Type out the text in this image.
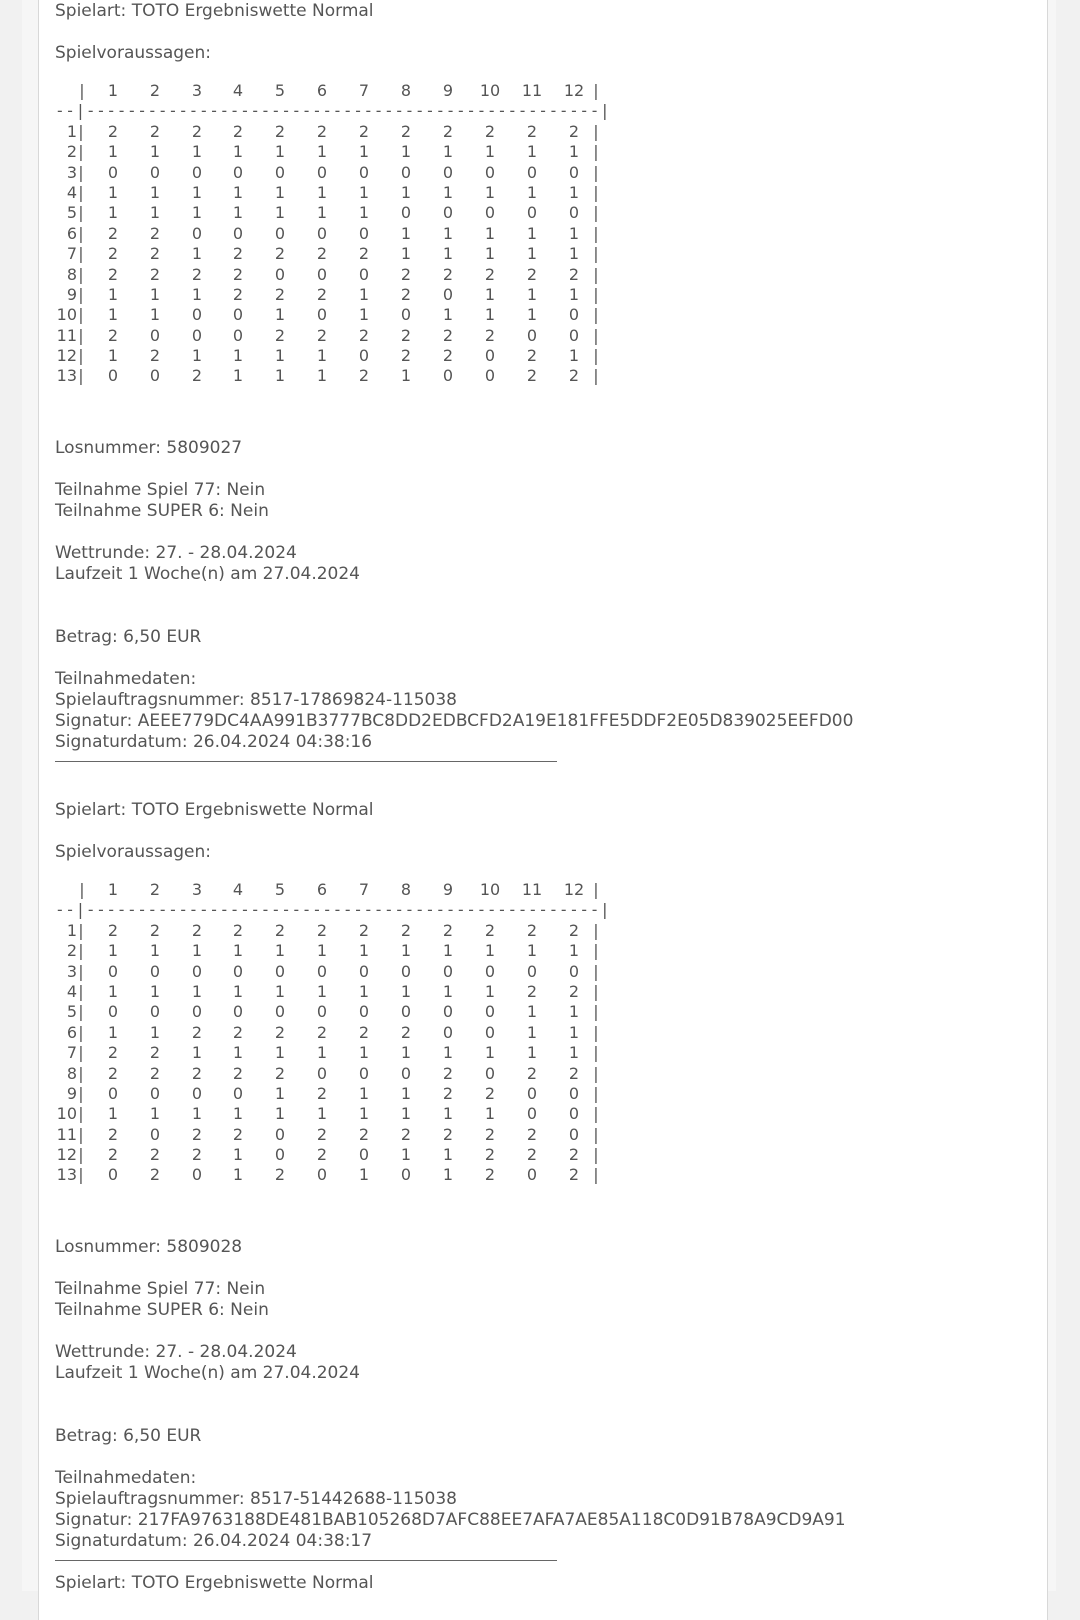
Spielart: TOTO Ergebniswette Normal
Spielvoraussagen:
|	1	2	3	4	5	6	7	8	9	10	11	12 |
--|--------------------------------------------------|
1 |	2	2	2	2	2	2	2	2	2	2	2	2 |
2 |	1	1	1	1	1	1	1	1	1	1	1	1 |
3 |	0	0	0	0	0	0	0	0	0	0	0	0 |
4 |	1	1	1	1	1	1	1	1	1	1	1	1 |
5 |	1	1	1	1	1	1	1	0	0	0	0	0 |
6 |	2	2	0	0	0	0	0	1	1	1	1	1 |
7 |	2	2	1	2	2	2	2	1	1	1	1	1 |
8 |	2	2	2	2	0	0	0	2	2	2	2	2 |
9 |	1	1	1	2	2	2	1	2	0	1	1	1 |
10 |	1	1	0	0	1	0	1	0	1	1	1	0 |
11 |	2	0	0	0	2	2	2	2	2	2	0	0 |
12 |	1	2	1	1	1	1	0	2	2	0	2	1 |
13 |	0	0	2	1	1	1	2	1	0	0	2	2 |
Losnummer: 5809027
Teilnahme Spiel 77: Nein
Teilnahme SUPER 6: Nein
Wettrunde: 27. - 28.04.2024
Laufzeit 1 Woche(n) am 27.04.2024
Betrag: 6,50 EUR
Teilnahmedaten:
Spielauftragsnummer: 8517-17869824-115038
Signatur: AEEE779DC4AA991B3777BC8DD2EDBCFD2A19E181FFE5DDF2E05D839025EEFD00
Signaturdatum: 26.04.2024 04:38:16
Spielart: TOTO Ergebniswette Normal
Spielvoraussagen:
|	1	2	3	4	5	6	7	8	9	10	11	12 |
--|--------------------------------------------------|
1 |	2	2	2	2	2	2	2	2	2	2	2	2 |
2 |	1	1	1	1	1	1	1	1	1	1	1	1 |
3 |	0	0	0	0	0	0	0	0	0	0	0	0 |
4 |	1	1	1	1	1	1	1	1	1	1	2	2 |
5 |	0	0	0	0	0	0	0	0	0	0	1	1 |
6 |	1	1	2	2	2	2	2	2	0	0	1	1 |
7 |	2	2	1	1	1	1	1	1	1	1	1	1 |
8 |	2	2	2	2	2	0	0	0	2	0	2	2 |
9 |	0	0	0	0	1	2	1	1	2	2	0	0 |
10 |	1	1	1	1	1	1	1	1	1	1	0	0 |
11 |	2	0	2	2	0	2	2	2	2	2	2	0 |
12 |	2	2	2	1	0	2	0	1	1	2	2	2 |
13 |	0	2	0	1	2	0	1	0	1	2	0	2 |
Losnummer: 5809028
Teilnahme Spiel 77: Nein
Teilnahme SUPER 6: Nein
Wettrunde: 27. - 28.04.2024
Laufzeit 1 Woche(n) am 27.04.2024
Betrag: 6,50 EUR
Teilnahmedaten:
Spielauftragsnummer: 8517-51442688-115038
Signatur: 217FA9763188DE481BAB105268D7AFC88EE7AFA7AE85A118C0D91B78A9CD9A91
Signaturdatum: 26.04.2024 04:38:17
Spielart: TOTO Ergebniswette Normal
